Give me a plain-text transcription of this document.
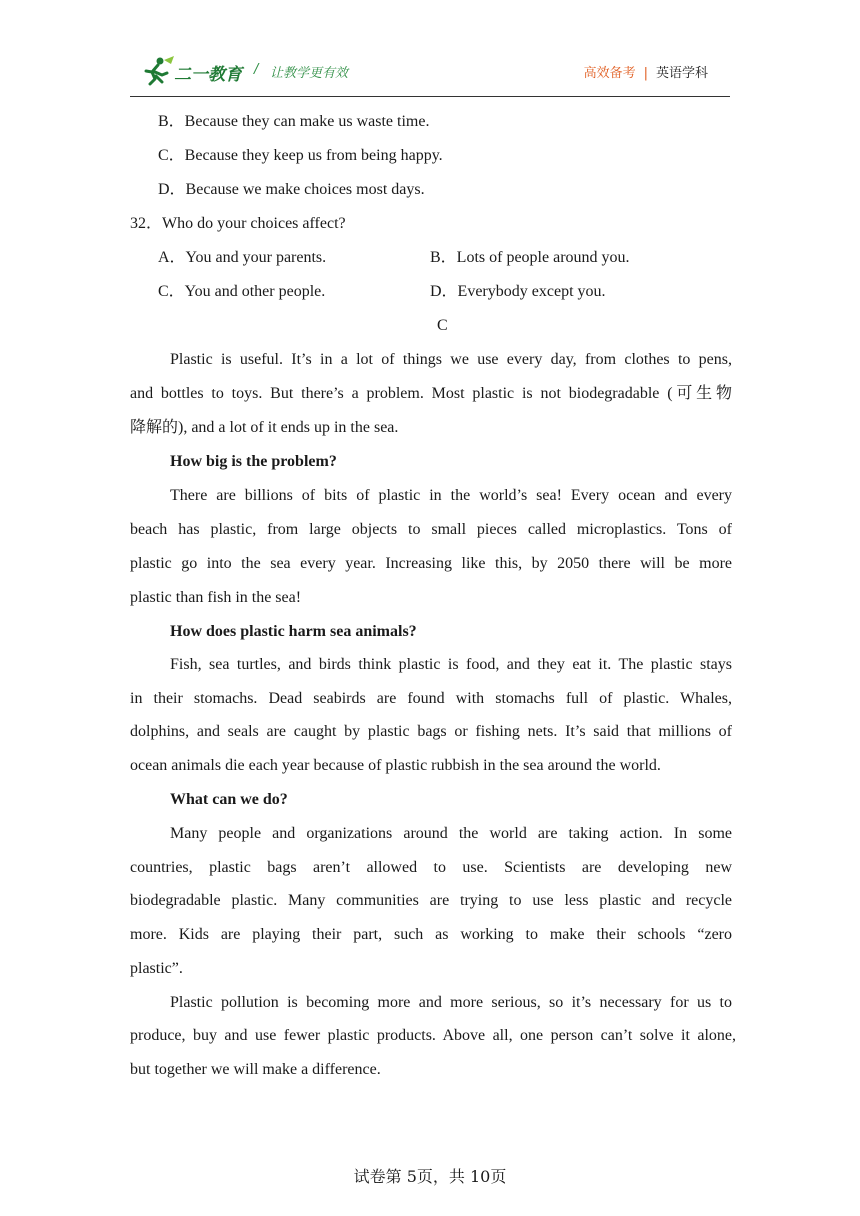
二一教育 / 让教学更有效	高效备考 | 英语学科
B．Because they can make us waste time.
C．Because they keep us from being happy.
D．Because we make choices most days.
32．Who do your choices affect?
A．You and your parents.	B．Lots of people around you.
C．You and other people.	D．Everybody except you.
C
Plastic is useful. It’s in a lot of things we use every day, from clothes to pens,
and bottles to toys. But there’s a problem. Most plastic is not biodegradable (可生物
降解的), and a lot of it ends up in the sea.
How big is the problem?
There are billions of bits of plastic in the world’s sea! Every ocean and every
beach has plastic, from large objects to small pieces called microplastics. Tons of
plastic go into the sea every year. Increasing like this, by 2050 there will be more
plastic than fish in the sea!
How does plastic harm sea animals?
Fish, sea turtles, and birds think plastic is food, and they eat it. The plastic stays
in their stomachs. Dead seabirds are found with stomachs full of plastic. Whales,
dolphins, and seals are caught by plastic bags or fishing nets. It’s said that millions of
ocean animals die each year because of plastic rubbish in the sea around the world.
What can we do?
Many people and organizations around the world are taking action. In some
countries, plastic bags aren’t allowed to use. Scientists are developing new
biodegradable plastic. Many communities are trying to use less plastic and recycle
more. Kids are playing their part, such as working to make their schools “zero
plastic”.
Plastic pollution is becoming more and more serious, so it’s necessary for us to
produce, buy and use fewer plastic products. Above all, one person can’t solve it alone,
but together we will make a difference.
试卷第 5页，共 10页
